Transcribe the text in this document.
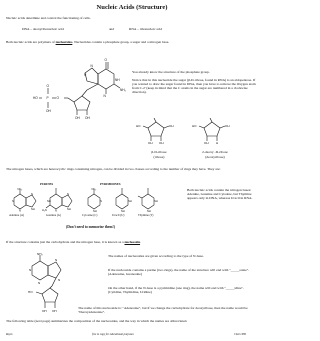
Nucleic Acids (Structure)
Nucleic acids determine and control the functioning of cells.
DNA – deoxyribonucleic acid	and	RNA – ribonucleic acid
Both nucleic acids are polymers of nucleotides. Nucleotides contain a phosphate group, a sugar and a nitrogen base.
O
NH
NH₂
N
N
N
O
P
O
OH
HO
OH OH
You already know the structure of the phosphate group.
Notice that in this nucleotide the sugar (β-D-ribose, found in RNA) is an aldopentose. If you wanted to draw the sugar found in DNA, then you have to remove the Oxygen atom from C-2' (keep in mind that the C atoms in the sugar are numbered in a clockwise direction).
OH
OH OH
HO	OH
OH	H
HO
β-D-ribose
(ribose)
2-deoxy -D-ribose
(deoxyribose)
The nitrogen bases, which are heterocyclic rings containing nitrogen, can be divided in two classes according to the number of rings they have. They are:
PURINES	PYRIMIDINES
NH₂
N
N
N
NH
O
NH
H₂N	N
N
NH
NH₂
N
NH
O
NH
NH
O
NH
NH
Adenine (A)	Guanine (G)	Cytosine (C)	Uracil (U)	Thymine (T)
Both nucleic acids contain the nitrogen bases: Adenine, Guanine and Cytosine, but Thymine appears only in DNA, whereas Uracil in RNA.
(Don't need to memorize them!)
If the structure contains just the carbohydrate and the nitrogen base, it is known as a nucleoside.
NH₂
N
N
N
N
HO
OH OH
The names of nucleosides are given according to the type of N-base.
If the nucleoside contains a purine (two rings), the name of the structure will end with "_____osine". (Adenosine, Guanosine)
On the other hand, if the N-base is a pyrimidine (one ring), the name will end with "_____idine". (Cytidine, Thymidine, Uridine)
The name of this nucleoside is: "Adenosine", but if we change the carbohydrate for deoxyribose, then the name would be "Deoxyadenosine".
The following table (next page) summarizes the composition of the nucleosides, and the way in which the names are abbreviated.
Reyes	free to copy for educational purposes	Chem 30B
